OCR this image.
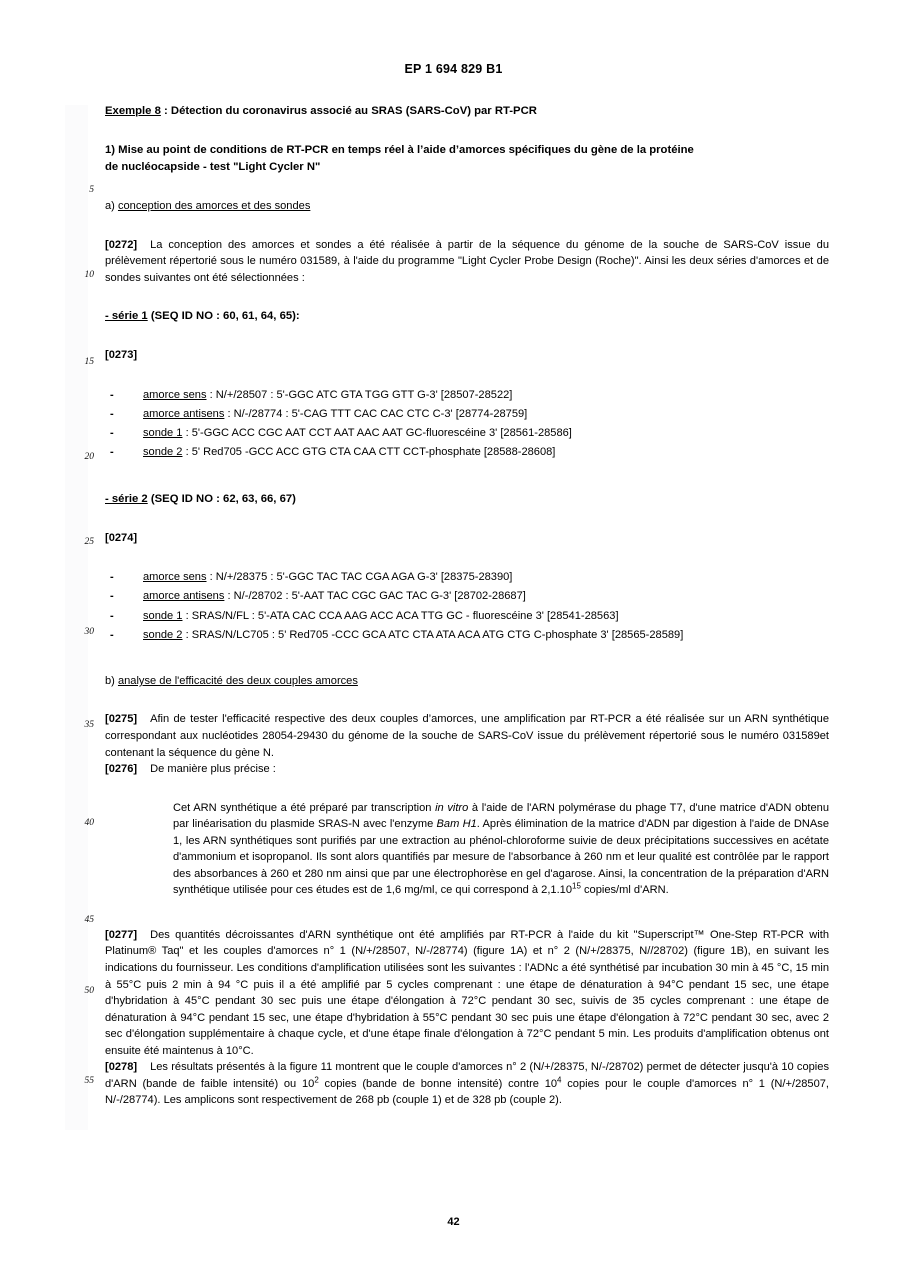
EP 1 694 829 B1
5
10
15
20
25
30
35
40
45
50
55
Exemple 8 : Détection du coronavirus associé au SRAS (SARS-CoV) par RT-PCR
1) Mise au point de conditions de RT-PCR en temps réel à l’aide d’amorces spécifiques du gène de la protéine
de nucléocapside - test "Light Cycler N"
a) conception des amorces et des sondes

[0272] La conception des amorces et sondes a été réalisée à partir de la séquence du génome de la souche de SARS-CoV issue du prélèvement répertorié sous le numéro 031589, à l'aide du programme "Light Cycler Probe Design (Roche)". Ainsi les deux séries d'amorces et de sondes suivantes ont été sélectionnées :

- série 1 (SEQ ID NO : 60, 61, 64, 65):

[0273]

-	amorce sens : N/+/28507 : 5'-GGC ATC GTA TGG GTT G-3' [28507-28522]
-	amorce antisens : N/-/28774 : 5'-CAG TTT CAC CAC CTC C-3' [28774-28759]
-	sonde 1 : 5'-GGC ACC CGC AAT CCT AAT AAC AAT GC-fluorescéine 3' [28561-28586]
-	sonde 2 : 5' Red705 -GCC ACC GTG CTA CAA CTT CCT-phosphate [28588-28608]
- série 2 (SEQ ID NO : 62, 63, 66, 67)

[0274]

-	amorce sens : N/+/28375 : 5'-GGC TAC TAC CGA AGA G-3' [28375-28390]
-	amorce antisens : N/-/28702 : 5'-AAT TAC CGC GAC TAC G-3' [28702-28687]
-	sonde 1 : SRAS/N/FL : 5'-ATA CAC CCA AAG ACC ACA TTG GC - fluorescéine 3' [28541-28563]
-	sonde 2 : SRAS/N/LC705 : 5' Red705 -CCC GCA ATC CTA ATA ACA ATG CTG C-phosphate 3' [28565-28589]
b) analyse de l'efficacité des deux couples amorces

[0275] Afin de tester l'efficacité respective des deux couples d’amorces, une amplification par RT-PCR a été réalisée sur un ARN synthétique correspondant aux nucléotides 28054-29430 du génome de la souche de SARS-CoV issue du prélèvement répertorié sous le numéro 031589et contenant la séquence du gène N.

[0276] De manière plus précise :

Cet ARN synthétique a été préparé par transcription in vitro à l'aide de l'ARN polymérase du phage T7, d'une matrice d'ADN obtenu par linéarisation du plasmide SRAS-N avec l'enzyme Bam H1. Après élimination de la matrice d'ADN par digestion à l'aide de DNAse 1, les ARN synthétiques sont purifiés par une extraction au phénol-chloroforme suivie de deux précipitations successives en acétate d'ammonium et isopropanol. Ils sont alors quantifiés par mesure de l'absorbance à 260 nm et leur qualité est contrôlée par le rapport des absorbances à 260 et 280 nm ainsi que par une électrophorèse en gel d'agarose. Ainsi, la concentration de la préparation d'ARN synthétique utilisée pour ces études est de 1,6 mg/ml, ce qui correspond à 2,1.10$^{15}$ copies/ml d'ARN.

[0277] Des quantités décroissantes d'ARN synthétique ont été amplifiés par RT-PCR à l'aide du kit "Superscript™ One-Step RT-PCR with Platinum® Taq" et les couples d'amorces n° 1 (N/+/28507, N/-/28774) (figure 1A) et n° 2 (N/+/28375, N//28702) (figure 1B), en suivant les indications du fournisseur. Les conditions d'amplification utilisées sont les suivantes : l'ADNc a été synthétisé par incubation 30 min à 45 °C, 15 min à 55°C puis 2 min à 94 °C puis il a été amplifié par 5 cycles comprenant : une étape de dénaturation à 94°C pendant 15 sec, une étape d'hybridation à 45°C pendant 30 sec puis une étape d'élongation à 72°C pendant 30 sec, suivis de 35 cycles comprenant : une étape de dénaturation à 94°C pendant 15 sec, une étape d'hybridation à 55°C pendant 30 sec puis une étape d'élongation à 72°C pendant 30 sec, avec 2 sec d'élongation supplémentaire à chaque cycle, et d'une étape finale d'élongation à 72°C pendant 5 min. Les produits d'amplification obtenus ont ensuite été maintenus à 10°C.

[0278] Les résultats présentés à la figure 11 montrent que le couple d'amorces n° 2 (N/+/28375, N/-/28702) permet de détecter jusqu'à 10 copies d'ARN (bande de faible intensité) ou $10^2$ copies (bande de bonne intensité) contre $10^4$ copies pour le couple d'amorces n° 1 (N/+/28507, N/-/28774). Les amplicons sont respectivement de 268 pb (couple 1) et de 328 pb (couple 2).

42
